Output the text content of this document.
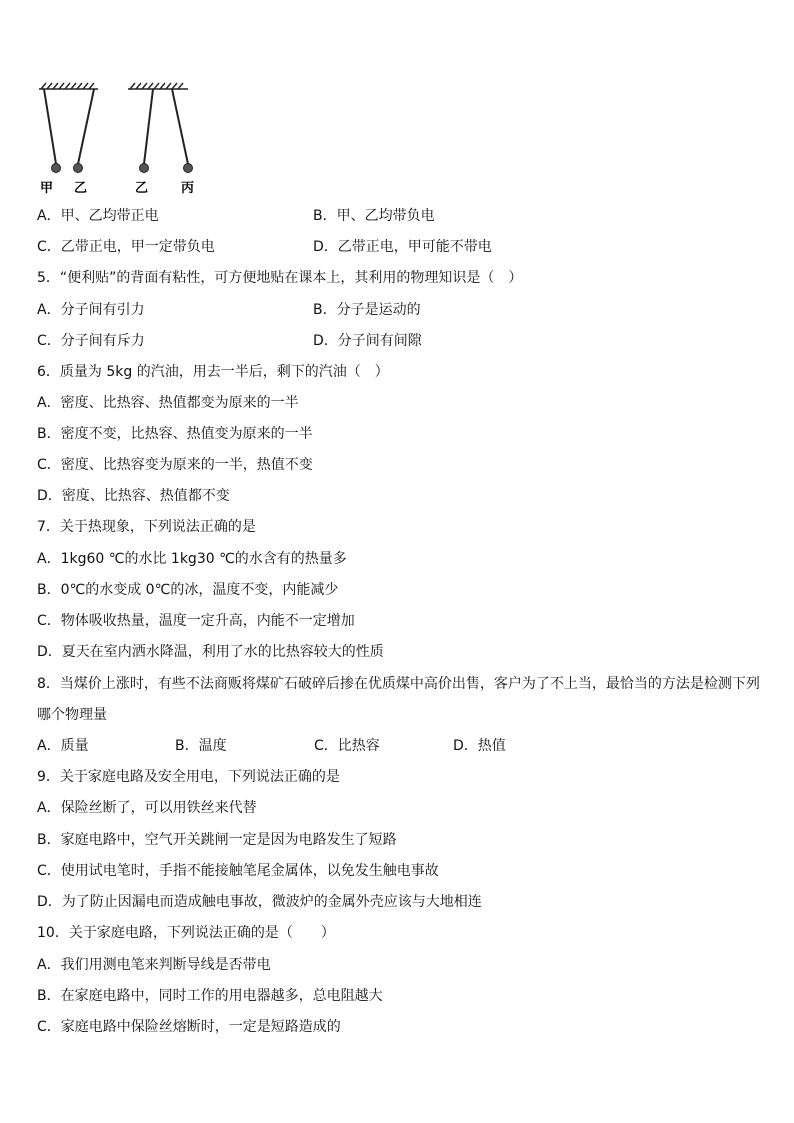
甲 乙	乙	丙
A．甲、乙均带正电	B．甲、乙均带负电
C．乙带正电，甲一定带负电	D．乙带正电，甲可能不带电
5．“便利贴”的背面有粘性，可方便地贴在课本上，其利用的物理知识是（　）
A．分子间有引力	B．分子是运动的
C．分子间有斥力	D．分子间有间隙
6．质量为 5kg 的汽油，用去一半后，剩下的汽油（　）
A．密度、比热容、热值都变为原来的一半
B．密度不变，比热容、热值变为原来的一半
C．密度、比热容变为原来的一半，热值不变
D．密度、比热容、热值都不变
7．关于热现象，下列说法正确的是
A．1kg60 ℃的水比 1kg30 ℃的水含有的热量多
B．0℃的水变成 0℃的冰，温度不变，内能减少
C．物体吸收热量，温度一定升高，内能不一定增加
D．夏天在室内洒水降温，利用了水的比热容较大的性质
8．当煤价上涨时，有些不法商贩将煤矿石破碎后掺在优质煤中高价出售，客户为了不上当，最恰当的方法是检测下列
哪个物理量
A．质量	B．温度	C．比热容	D．热值
9．关于家庭电路及安全用电，下列说法正确的是
A．保险丝断了，可以用铁丝来代替
B．家庭电路中，空气开关跳闸一定是因为电路发生了短路
C．使用试电笔时，手指不能接触笔尾金属体，以免发生触电事故
D．为了防止因漏电而造成触电事故，微波炉的金属外壳应该与大地相连
10．关于家庭电路，下列说法正确的是（　　）
A．我们用测电笔来判断导线是否带电
B．在家庭电路中，同时工作的用电器越多，总电阻越大
C．家庭电路中保险丝熔断时，一定是短路造成的
